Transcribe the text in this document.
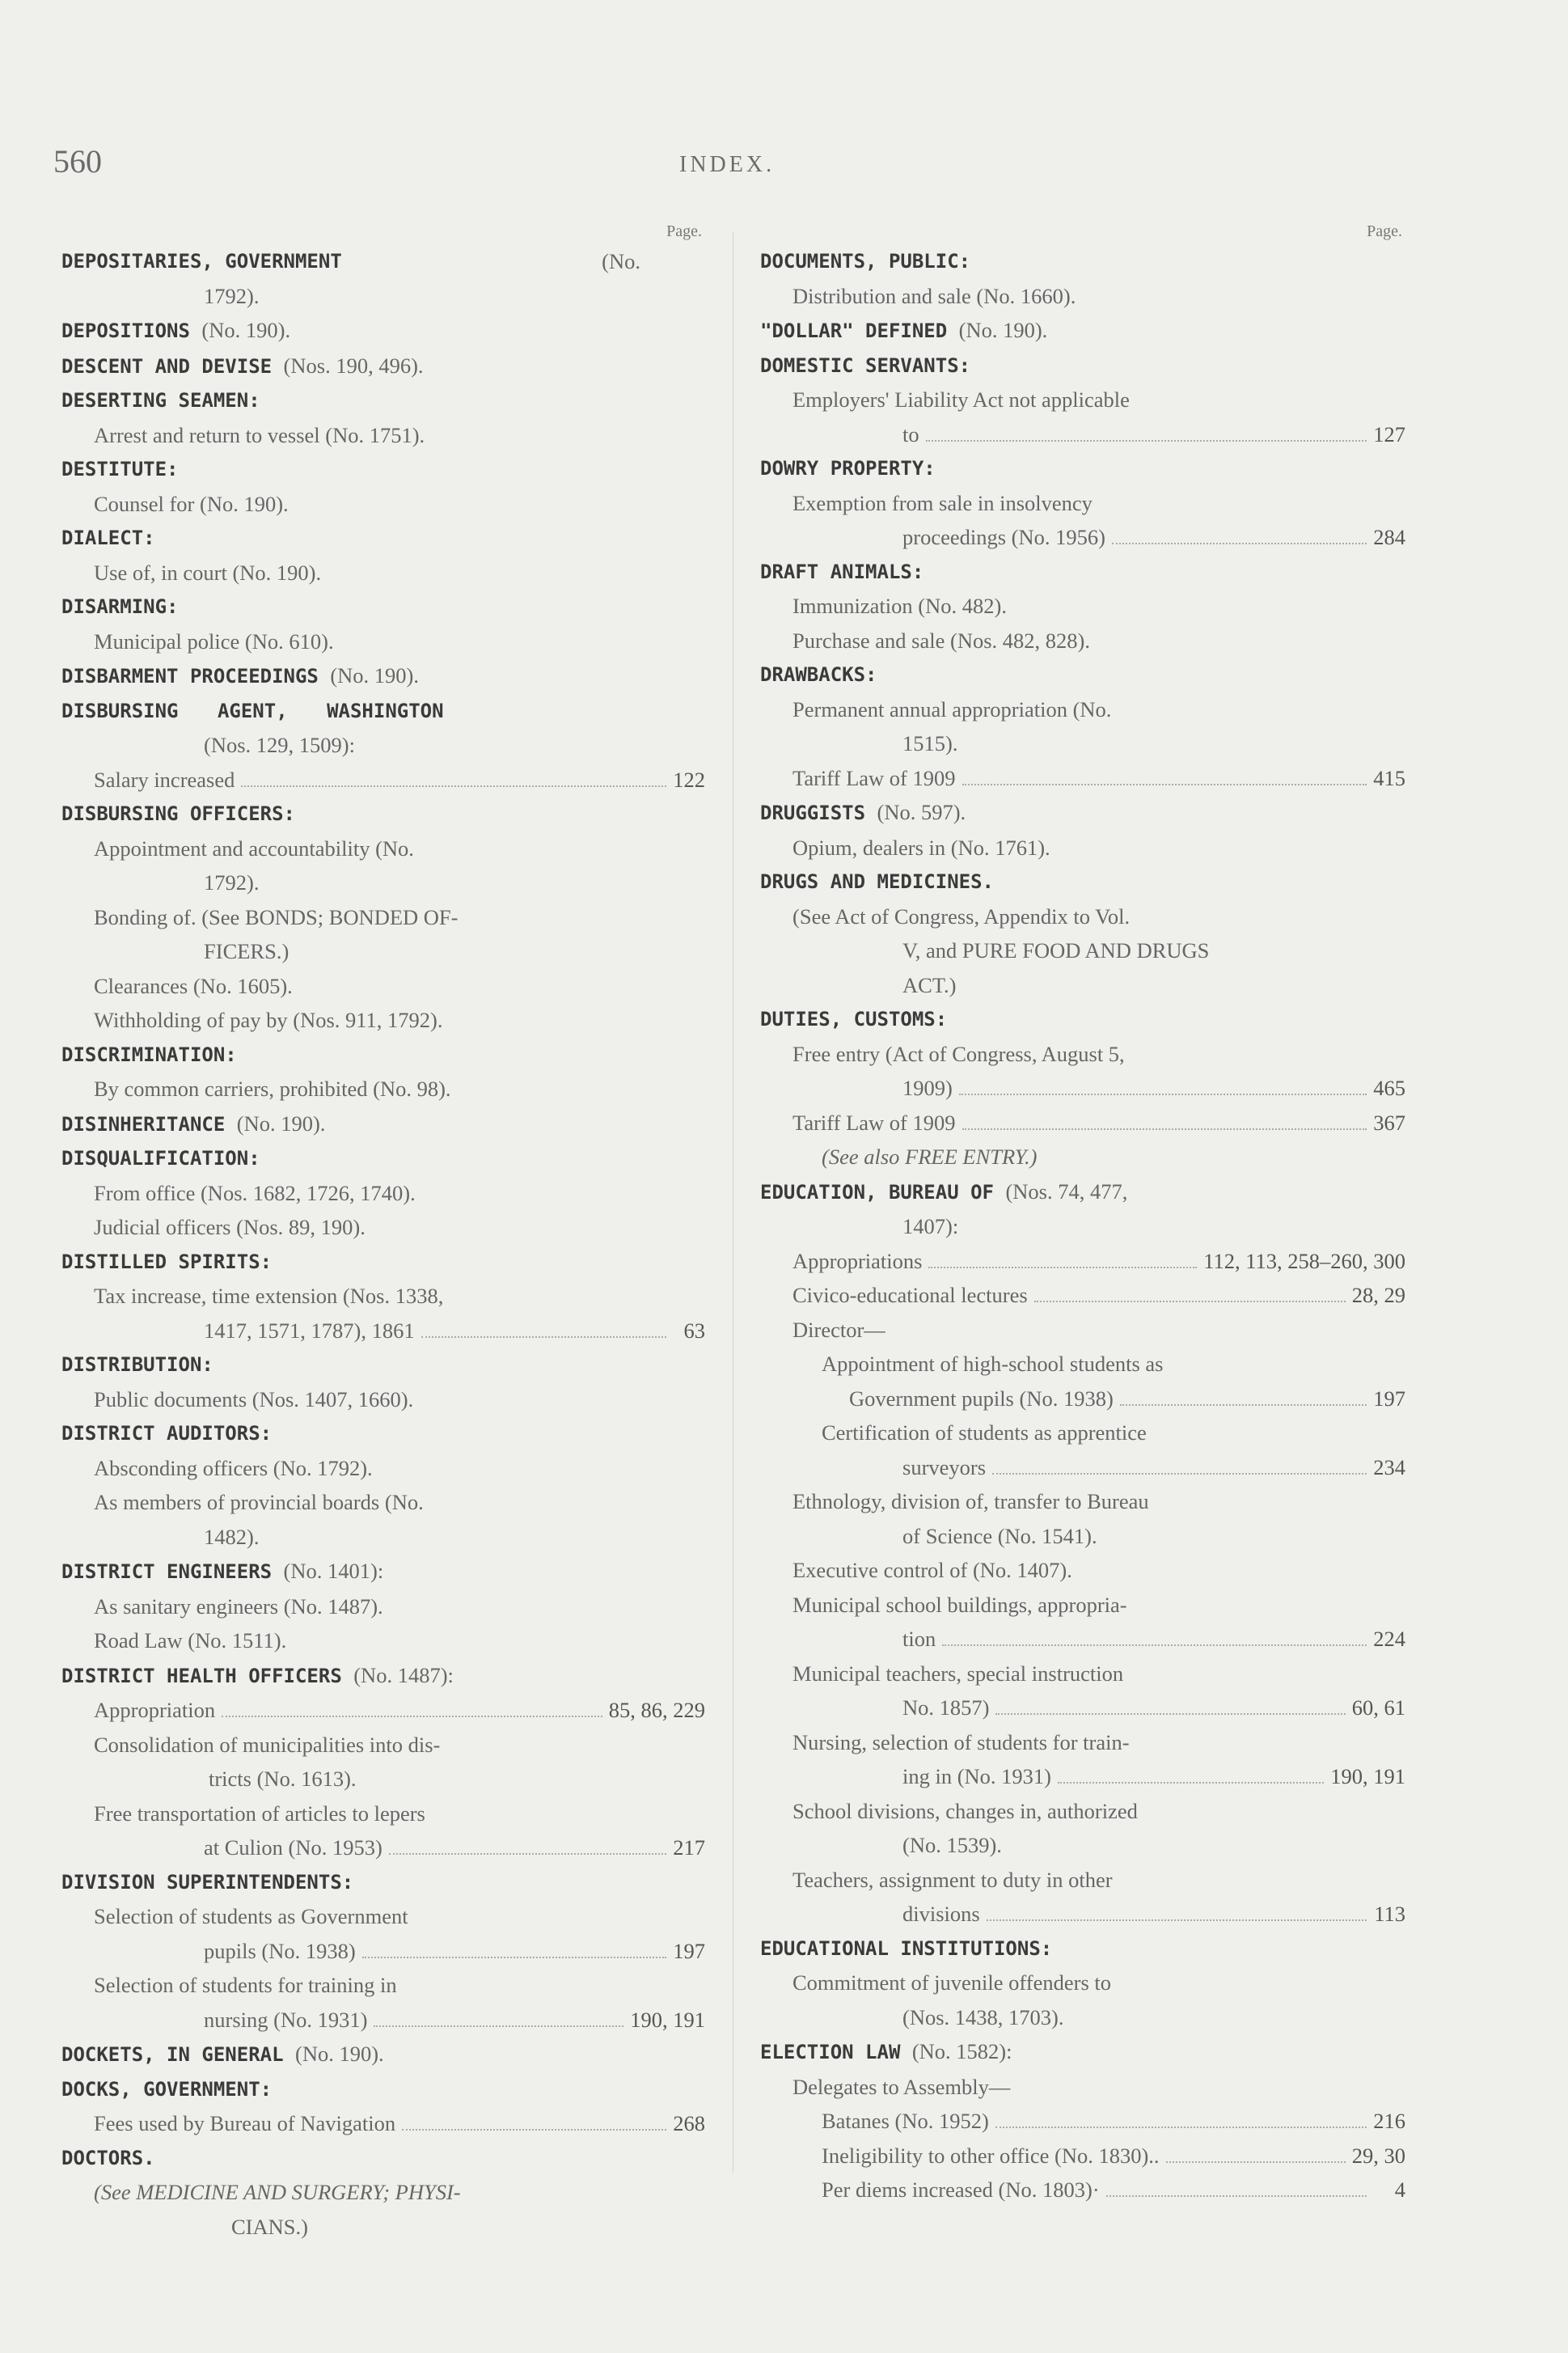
560	INDEX.
Page.
DEPOSITARIES, GOVERNMENT	(No.
1792).
DEPOSITIONS (No. 190).
DESCENT AND DEVISE (Nos. 190, 496).
DESERTING SEAMEN:
Arrest and return to vessel (No. 1751).
DESTITUTE:
Counsel for (No. 190).
DIALECT:
Use of, in court (No. 190).
DISARMING:
Municipal police (No. 610).
DISBARMENT PROCEEDINGS (No. 190).
DISBURSING AGENT, WASHINGTON
(Nos. 129, 1509):
Salary increased	122
DISBURSING OFFICERS:
Appointment and accountability (No.
1792).
Bonding of. (See BONDS; BONDED OF-
FICERS.)
Clearances (No. 1605).
Withholding of pay by (Nos. 911, 1792).
DISCRIMINATION:
By common carriers, prohibited (No. 98).
DISINHERITANCE (No. 190).
DISQUALIFICATION:
From office (Nos. 1682, 1726, 1740).
Judicial officers (Nos. 89, 190).
DISTILLED SPIRITS:
Tax increase, time extension (Nos. 1338,
1417, 1571, 1787), 1861	63
DISTRIBUTION:
Public documents (Nos. 1407, 1660).
DISTRICT AUDITORS:
Absconding officers (No. 1792).
As members of provincial boards (No.
1482).
DISTRICT ENGINEERS (No. 1401):
As sanitary engineers (No. 1487).
Road Law (No. 1511).
DISTRICT HEALTH OFFICERS (No. 1487):
Appropriation	85, 86, 229
Consolidation of municipalities into dis-
tricts (No. 1613).
Free transportation of articles to lepers
at Culion (No. 1953)	217
DIVISION SUPERINTENDENTS:
Selection of students as Government
pupils (No. 1938)	197
Selection of students for training in
nursing (No. 1931)	190, 191
DOCKETS, IN GENERAL (No. 190).
DOCKS, GOVERNMENT:
Fees used by Bureau of Navigation	268
DOCTORS.
(See MEDICINE AND SURGERY; PHYSI-
CIANS.)
Page.
DOCUMENTS, PUBLIC:
Distribution and sale (No. 1660).
"DOLLAR" DEFINED (No. 190).
DOMESTIC SERVANTS:
Employers' Liability Act not applicable
to	127
DOWRY PROPERTY:
Exemption from sale in insolvency
proceedings (No. 1956)	284
DRAFT ANIMALS:
Immunization (No. 482).
Purchase and sale (Nos. 482, 828).
DRAWBACKS:
Permanent annual appropriation (No.
1515).
Tariff Law of 1909	415
DRUGGISTS (No. 597).
Opium, dealers in (No. 1761).
DRUGS AND MEDICINES.
(See Act of Congress, Appendix to Vol.
V, and PURE FOOD AND DRUGS
ACT.)
DUTIES, CUSTOMS:
Free entry (Act of Congress, August 5,
1909)	465
Tariff Law of 1909	367
(See also FREE ENTRY.)
EDUCATION, BUREAU OF (Nos. 74, 477,
1407):
Appropriations	112, 113, 258–260, 300
Civico-educational lectures	28, 29
Director—
Appointment of high-school students as
Government pupils (No. 1938)	197
Certification of students as apprentice
surveyors	234
Ethnology, division of, transfer to Bureau
of Science (No. 1541).
Executive control of (No. 1407).
Municipal school buildings, appropria-
tion	224
Municipal teachers, special instruction
No. 1857)	60, 61
Nursing, selection of students for train-
ing in (No. 1931)	190, 191
School divisions, changes in, authorized
(No. 1539).
Teachers, assignment to duty in other
divisions	113
EDUCATIONAL INSTITUTIONS:
Commitment of juvenile offenders to
(Nos. 1438, 1703).
ELECTION LAW (No. 1582):
Delegates to Assembly—
Batanes (No. 1952)	216
Ineligibility to other office (No. 1830)..	29, 30
Per diems increased (No. 1803)·	4
